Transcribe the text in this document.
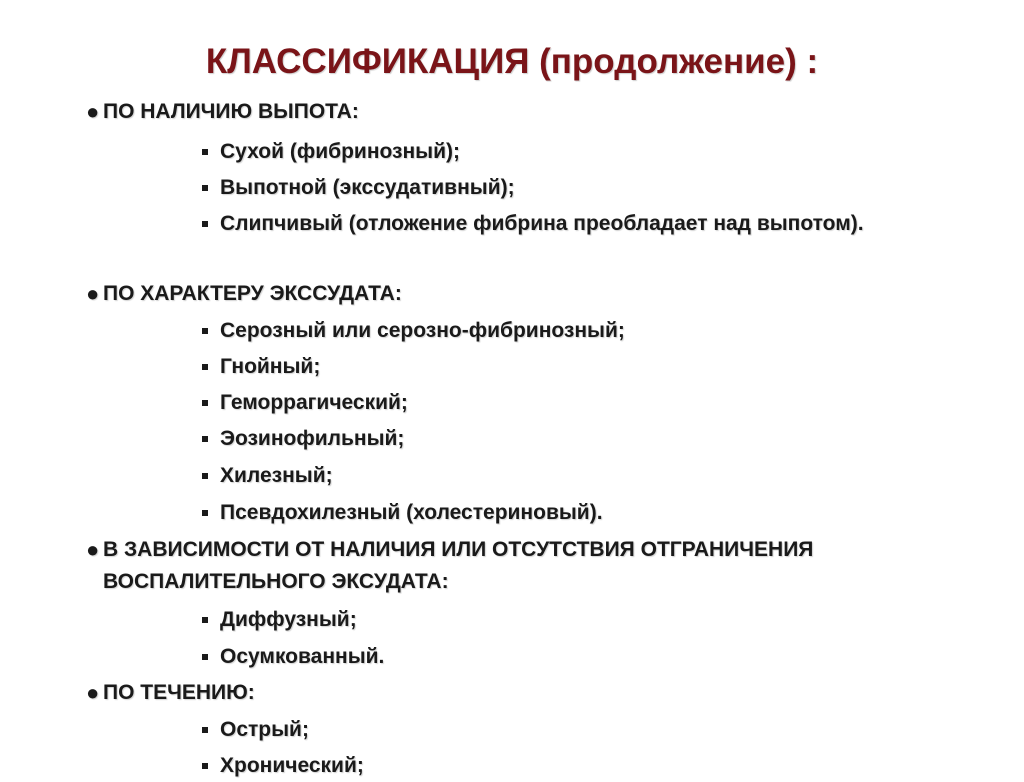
КЛАССИФИКАЦИЯ (продолжение) :
● ПО НАЛИЧИЮ ВЫПОТА:
Сухой (фибринозный);
Выпотной (экссудативный);
Слипчивый (отложение фибрина преобладает над выпотом).
● ПО ХАРАКТЕРУ ЭКССУДАТА:
Серозный или серозно-фибринозный;
Гнойный;
Геморрагический;
Эозинофильный;
Хилезный;
Псевдохилезный (холестериновый).
● В ЗАВИСИМОСТИ ОТ НАЛИЧИЯ ИЛИ ОТСУТСТВИЯ ОТГРАНИЧЕНИЯ ВОСПАЛИТЕЛЬНОГО ЭКСУДАТА:
Диффузный;
Осумкованный.
● ПО ТЕЧЕНИЮ:
Острый;
Хронический;
